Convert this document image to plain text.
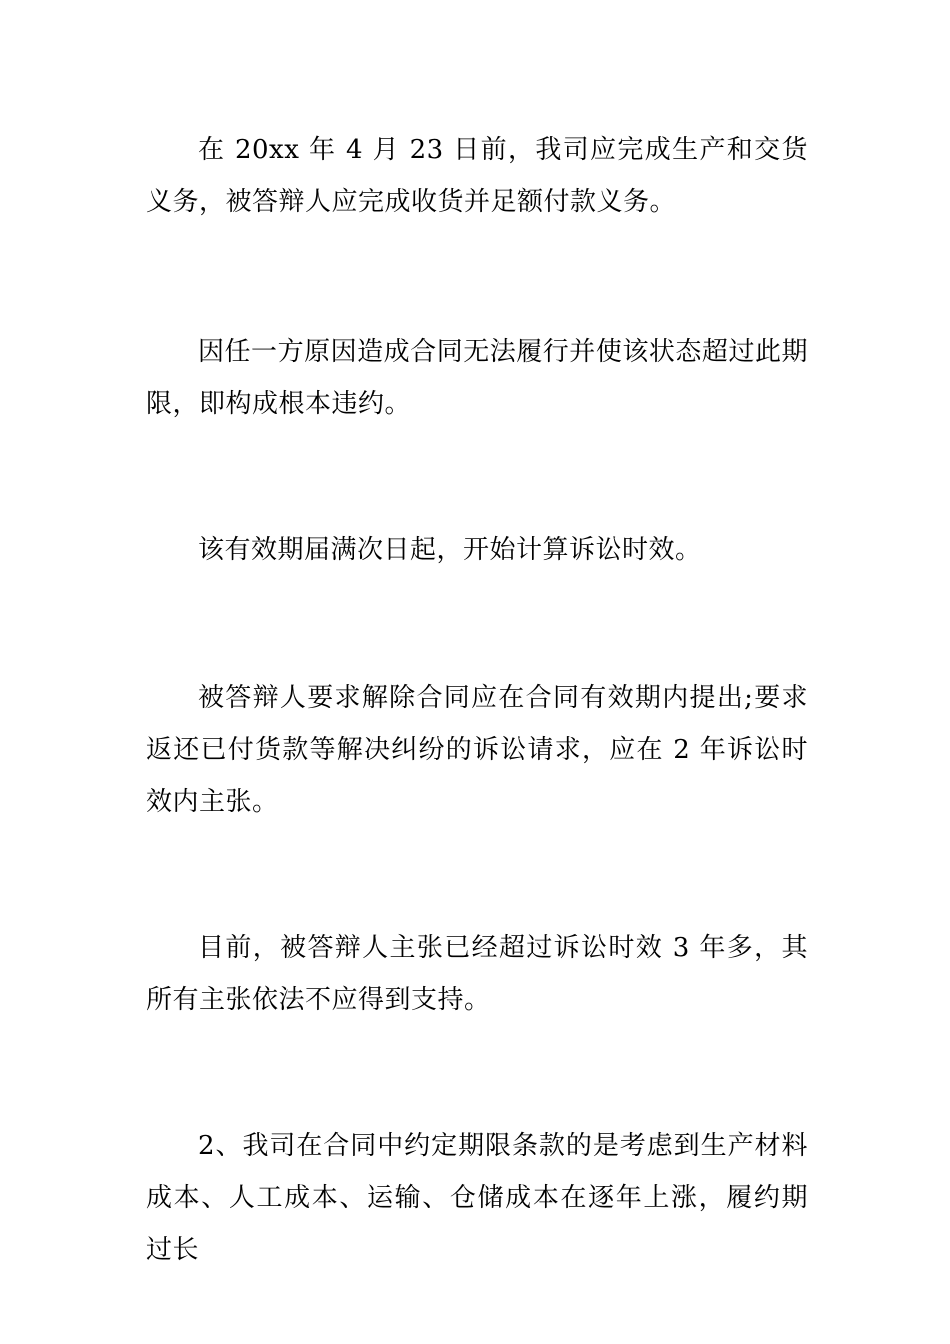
在 20xx 年 4 月 23 日前，我司应完成生产和交货义务，被答辩人应完成收货并足额付款义务。

因任一方原因造成合同无法履行并使该状态超过此期限，即构成根本违约。

该有效期届满次日起，开始计算诉讼时效。

被答辩人要求解除合同应在合同有效期内提出;要求返还已付货款等解决纠纷的诉讼请求，应在 2 年诉讼时效内主张。

目前，被答辩人主张已经超过诉讼时效 3 年多，其所有主张依法不应得到支持。

2、我司在合同中约定期限条款的是考虑到生产材料成本、人工成本、运输、仓储成本在逐年上涨，履约期过长
